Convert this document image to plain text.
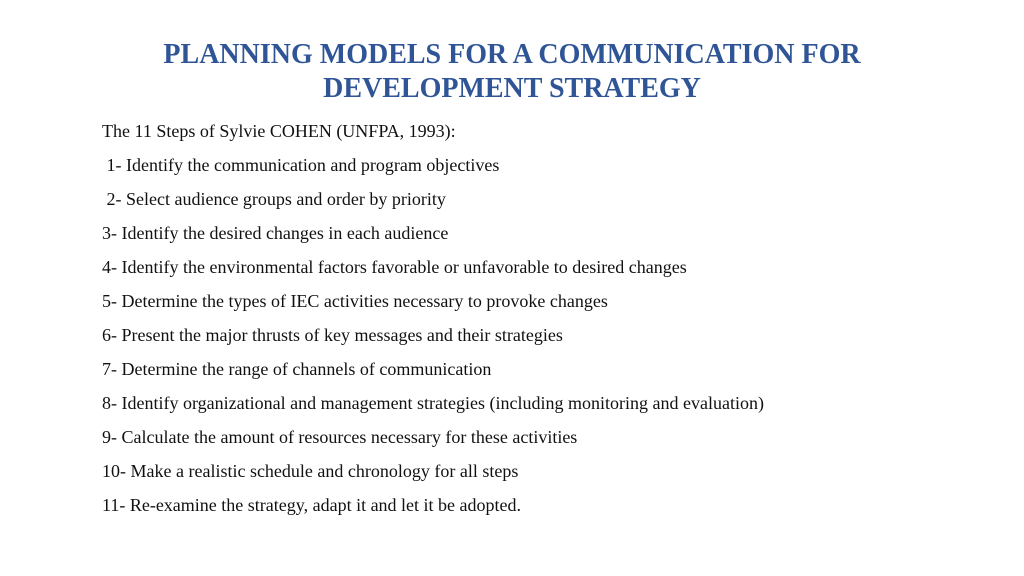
PLANNING MODELS FOR A COMMUNICATION FOR
DEVELOPMENT STRATEGY
The 11 Steps of Sylvie COHEN (UNFPA, 1993):
1- Identify the communication and program objectives
2- Select audience groups and order by priority
3- Identify the desired changes in each audience
4- Identify the environmental factors favorable or unfavorable to desired changes
5- Determine the types of IEC activities necessary to provoke changes
6- Present the major thrusts of key messages and their strategies
7- Determine the range of channels of communication
8- Identify organizational and management strategies (including monitoring and evaluation)
9- Calculate the amount of resources necessary for these activities
10- Make a realistic schedule and chronology for all steps
11- Re-examine the strategy, adapt it and let it be adopted.
